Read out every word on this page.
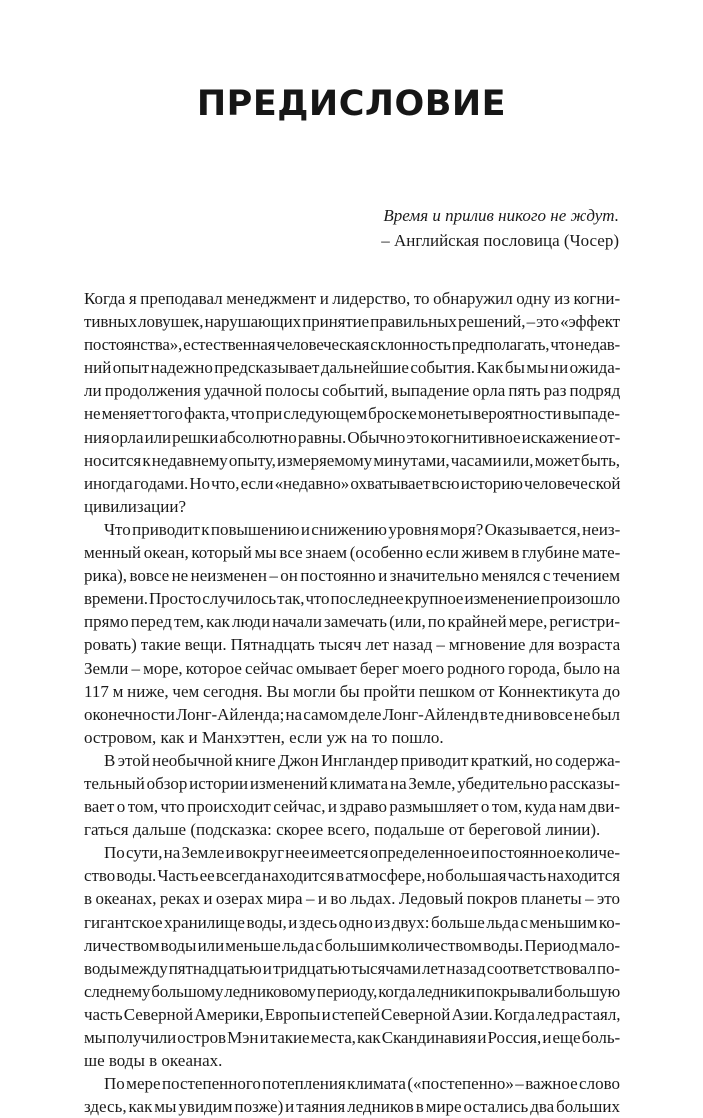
ПРЕДИСЛОВИЕ
Время и прилив никого не ждут.
– Английская пословица (Чосер)
Когда я преподавал менеджмент и лидерство, то обнаружил одну из когни-
тивных ловушек, нарушающих принятие правильных решений, – это «эффект
постоянства», естественная человеческая склонность предполагать, что недав-
ний опыт надежно предсказывает дальнейшие события. Как бы мы ни ожида-
ли продолжения удачной полосы событий, выпадение орла пять раз подряд
не меняет того факта, что при следующем броске монеты вероятности выпаде-
ния орла или решки абсолютно равны. Обычно это когнитивное искажение от-
носится к недавнему опыту, измеряемому минутами, часами или, может быть,
иногда годами. Но что, если «недавно» охватывает всю историю человеческой
цивилизации?
Что приводит к повышению и снижению уровня моря? Оказывается, неиз-
менный океан, который мы все знаем (особенно если живем в глубине мате-
рика), вовсе не неизменен – он постоянно и значительно менялся с течением
времени. Просто случилось так, что последнее крупное изменение произошло
прямо перед тем, как люди начали замечать (или, по крайней мере, регистри-
ровать) такие вещи. Пятнадцать тысяч лет назад – мгновение для возраста
Земли – море, которое сейчас омывает берег моего родного города, было на
117 м ниже, чем сегодня. Вы могли бы пройти пешком от Коннектикута до
оконечности Лонг-Айленда; на самом деле Лонг-Айленд в те дни вовсе не был
островом, как и Манхэттен, если уж на то пошло.
В этой необычной книге Джон Ингландер приводит краткий, но содержа-
тельный обзор истории изменений климата на Земле, убедительно рассказы-
вает о том, что происходит сейчас, и здраво размышляет о том, куда нам дви-
гаться дальше (подсказка: скорее всего, подальше от береговой линии).
По сути, на Земле и вокруг нее имеется определенное и постоянное количе-
ство воды. Часть ее всегда находится в атмосфере, но большая часть находится
в океанах, реках и озерах мира – и во льдах. Ледовый покров планеты – это
гигантское хранилище воды, и здесь одно из двух: больше льда с меньшим ко-
личеством воды или меньше льда с большим количеством воды. Период мало-
воды между пятнадцатью и тридцатью тысячами лет назад соответствовал по-
следнему большому ледниковому периоду, когда ледники покрывали большую
часть Северной Америки, Европы и степей Северной Азии. Когда лед растаял,
мы получили остров Мэн и такие места, как Скандинавия и Россия, и еще боль-
ше воды в океанах.
По мере постепенного потепления климата («постепенно» – важное слово
здесь, как мы увидим позже) и таяния ледников в мире остались два больших
